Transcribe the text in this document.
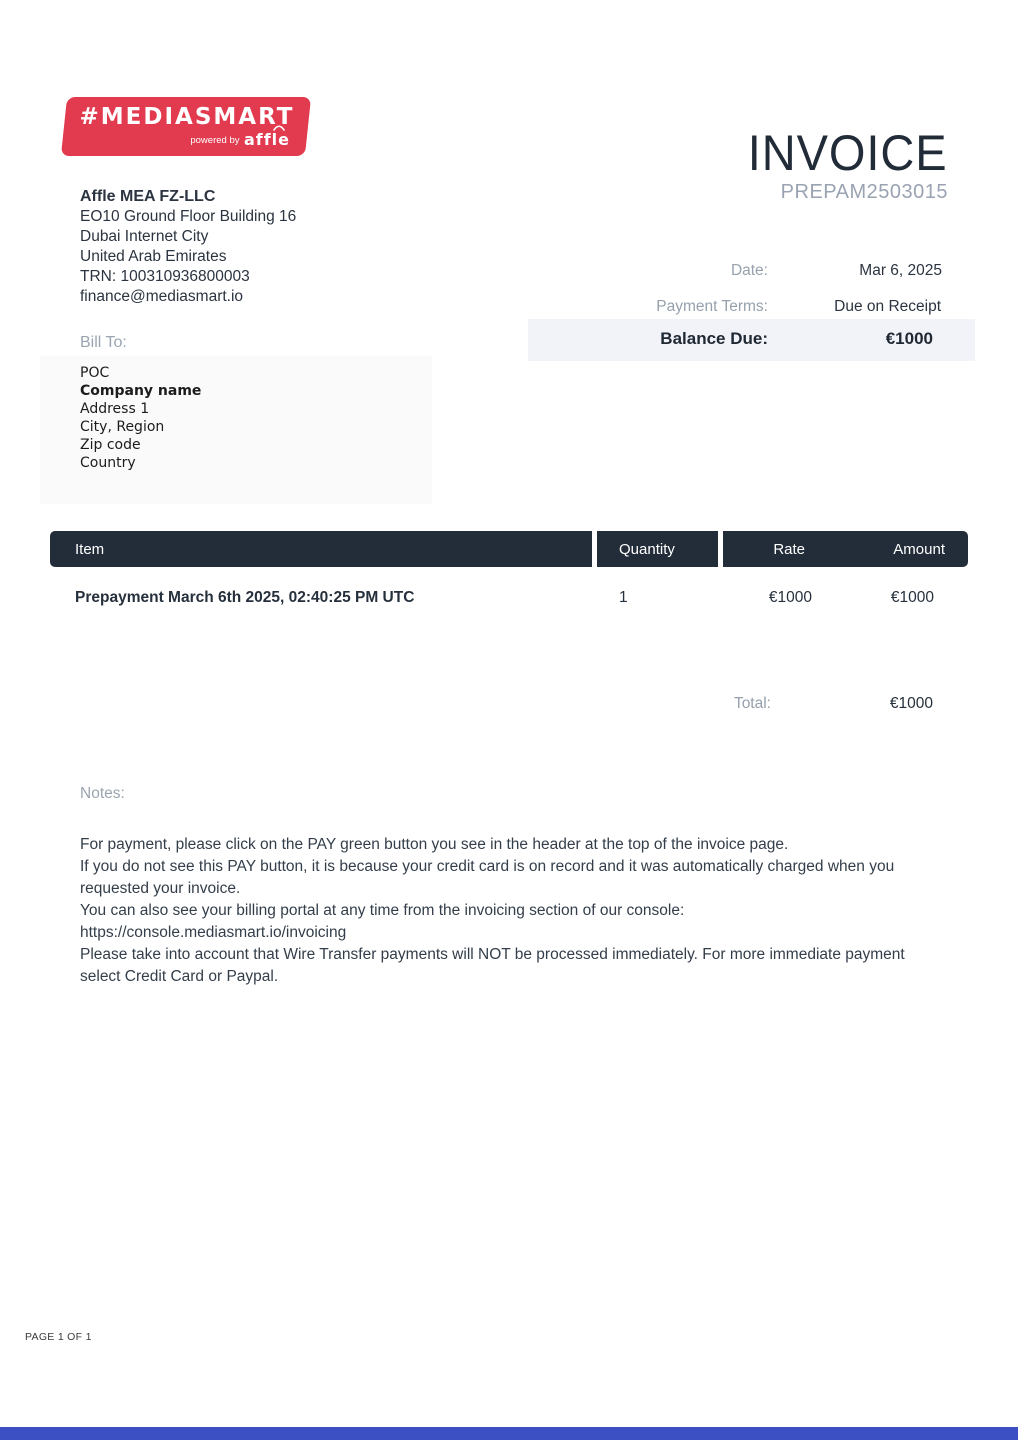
#MEDIASMART
powered by affle	INVOICE
PREPAM2503015
Affle MEA FZ-LLC
EO10 Ground Floor Building 16
Dubai Internet City
United Arab Emirates
TRN: 100310936800003
finance@mediasmart.io
Date:	Mar 6, 2025
Payment Terms:	Due on Receipt
Balance Due:	€1000
Bill To:
POC
Company name
Address 1
City, Region
Zip code
Country
Item	Quantity	Rate	Amount
Prepayment March 6th 2025, 02:40:25 PM UTC	1	€1000	€1000
Total:	€1000
Notes:
For payment, please click on the PAY green button you see in the header at the top of the invoice page.
If you do not see this PAY button, it is because your credit card is on record and it was automatically charged when you requested your invoice.
You can also see your billing portal at any time from the invoicing section of our console:
https://console.mediasmart.io/invoicing
Please take into account that Wire Transfer payments will NOT be processed immediately. For more immediate payment select Credit Card or Paypal.
PAGE 1 OF 1
